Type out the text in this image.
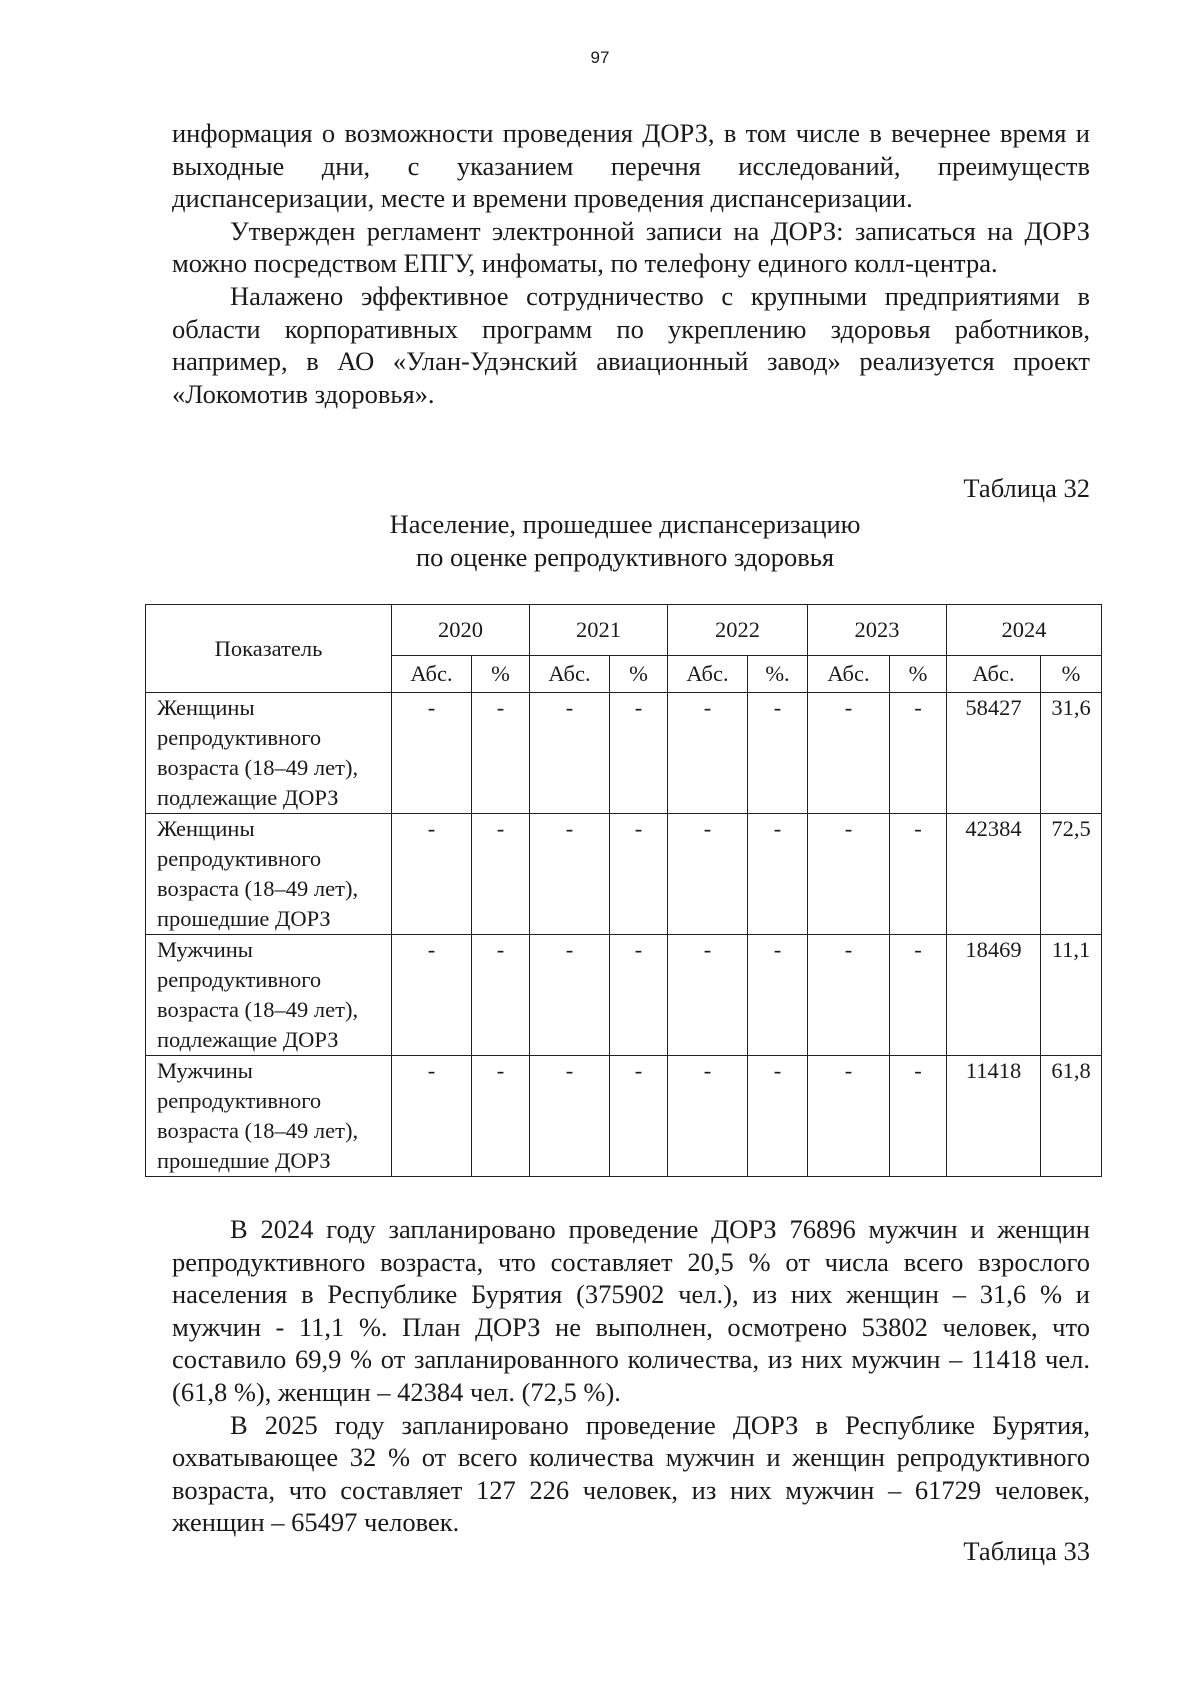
97

информация о возможности проведения ДОРЗ, в том числе в вечернее время и выходные дни, с указанием перечня исследований, преимуществ диспансеризации, месте и времени проведения диспансеризации.

Утвержден регламент электронной записи на ДОРЗ: записаться на ДОРЗ можно посредством ЕПГУ, инфоматы, по телефону единого колл-центра.

Налажено эффективное сотрудничество с крупными предприятиями в области корпоративных программ по укреплению здоровья работников, например, в АО «Улан-Удэнский авиационный завод» реализуется проект «Локомотив здоровья».

Таблица 32
Население, прошедшее диспансеризацию
по оценке репродуктивного здоровья
Показатель	2020		2021		2022		2023		2024	
	Абс.	%	Абс.	%	Абс.	%.	Абс.	%	Абс.	%
Женщины репродуктивного возраста (18–49 лет), подлежащие ДОРЗ	-	-	-	-	-	-	-	-	58427	31,6
Женщины репродуктивного возраста (18–49 лет), прошедшие ДОРЗ	-	-	-	-	-	-	-	-	42384	72,5
Мужчины репродуктивного возраста (18–49 лет), подлежащие ДОРЗ	-	-	-	-	-	-	-	-	18469	11,1
Мужчины репродуктивного возраста (18–49 лет), прошедшие ДОРЗ	-	-	-	-	-	-	-	-	11418	61,8

В 2024 году запланировано проведение ДОРЗ 76896 мужчин и женщин репродуктивного возраста, что составляет 20,5 % от числа всего взрослого населения в Республике Бурятия (375902 чел.), из них женщин – 31,6 % и мужчин - 11,1 %. План ДОРЗ не выполнен, осмотрено 53802 человек, что составило 69,9 % от запланированного количества, из них мужчин – 11418 чел. (61,8 %), женщин – 42384 чел. (72,5 %).

В 2025 году запланировано проведение ДОРЗ в Республике Бурятия, охватывающее 32 % от всего количества мужчин и женщин репродуктивного возраста, что составляет 127 226 человек, из них мужчин – 61729 человек, женщин – 65497 человек.

Таблица 33
